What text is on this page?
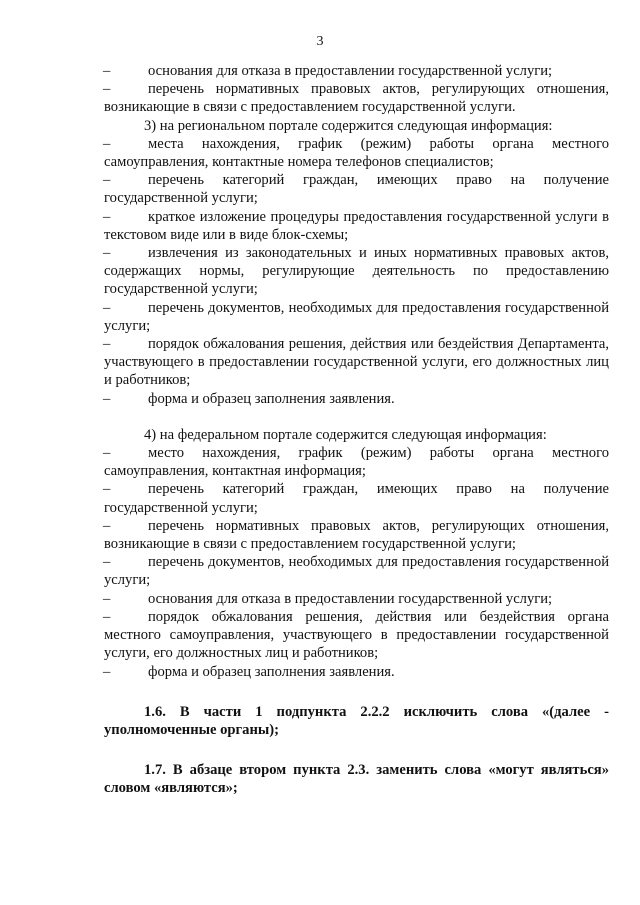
3

–	основания для отказа в предоставлении государственной услуги;

–	перечень нормативных правовых актов, регулирующих отношения, возникающие в связи с предоставлением государственной услуги.

3) на региональном портале содержится следующая информация:

–	места нахождения, график (режим) работы органа местного самоуправления, контактные номера телефонов специалистов;

–	перечень категорий граждан, имеющих право на получение государственной услуги;

–	краткое изложение процедуры предоставления государственной услуги в текстовом виде или в виде блок-схемы;

–	извлечения из законодательных и иных нормативных правовых актов, содержащих нормы, регулирующие деятельность по предоставлению государственной услуги;

–	перечень документов, необходимых для предоставления государственной услуги;

–	порядок обжалования решения, действия или бездействия Департамента, участвующего в предоставлении государственной услуги, его должностных лиц и работников;

–	форма и образец заполнения заявления.

4) на федеральном портале содержится следующая информация:

–	место нахождения, график (режим) работы органа местного самоуправления, контактная информация;

–	перечень категорий граждан, имеющих право на получение государственной услуги;

–	перечень нормативных правовых актов, регулирующих отношения, возникающие в связи с предоставлением государственной услуги;

–	перечень документов, необходимых для предоставления государственной услуги;

–	основания для отказа в предоставлении государственной услуги;

–	порядок обжалования решения, действия или бездействия органа местного самоуправления, участвующего в предоставлении государственной услуги, его должностных лиц и работников;

–	форма и образец заполнения заявления.

1.6. В части 1 подпункта 2.2.2 исключить слова «(далее - уполномоченные органы);

1.7. В абзаце втором пункта 2.3. заменить слова «могут являться» словом «являются»;
